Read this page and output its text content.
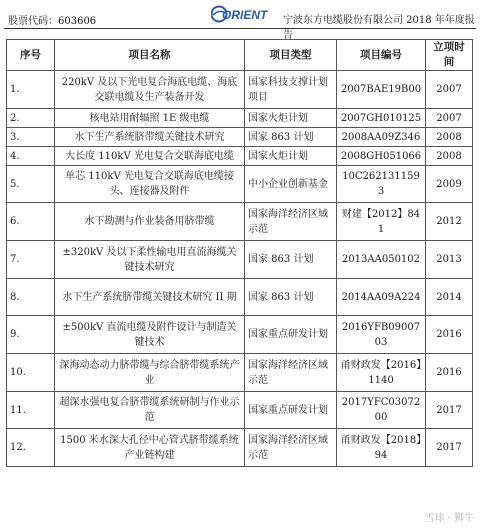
股票代码：603606	ORIENT 宁波东方电缆股份有限公司 2018 年年度报告
序号	项目名称	项目类型	项目编号	立项时间
1.	220kV 及以下光电复合海底电缆、海底交联电缆及生产装备开发	国家科技支撑计划项目	2007BAE19B00	2007
2.	核电站用耐辐照 1E 级电缆	国家火炬计划	2007GH010125	2007
3.	水下生产系统脐带缆关键技术研究	国家 863 计划	2008AA09Z346	2008
4.	大长度 110kV 光电复合交联海底电缆	国家火炬计划	2008GH051066	2008
5.	单芯 110kV 光电复合交联海底电缆接头、连接器及附件	中小企业创新基金	10C2621311593	2009
6.	水下勘测与作业装备用脐带缆	国家海洋经济区域示范	财建【2012】841	2012
7.	±320kV 及以下柔性输电用直流海缆关键技术研究	国家 863 计划	2013AA050102	2013
8.	水下生产系统脐带缆关键技术研究 II 期	国家 863 计划	2014AA09A224	2014
9.	±500kV 直流电缆及附件设计与制造关键技术	国家重点研发计划	2016YFB0900703	2016
10.	深海动态动力脐带缆与综合脐带缆系统产业	国家海洋经济区域示范	甬财政发【2016】1140	2016
11.	超深水强电复合脐带缆系统研制与作业示范	国家重点研发计划	2017YFC0307200	2017
12.	1500 米水深大孔径中心管式脐带缆系统产业链构建	国家海洋经济区域示范	甬财政发【2018】94	2017
雪球 · 狮牛
